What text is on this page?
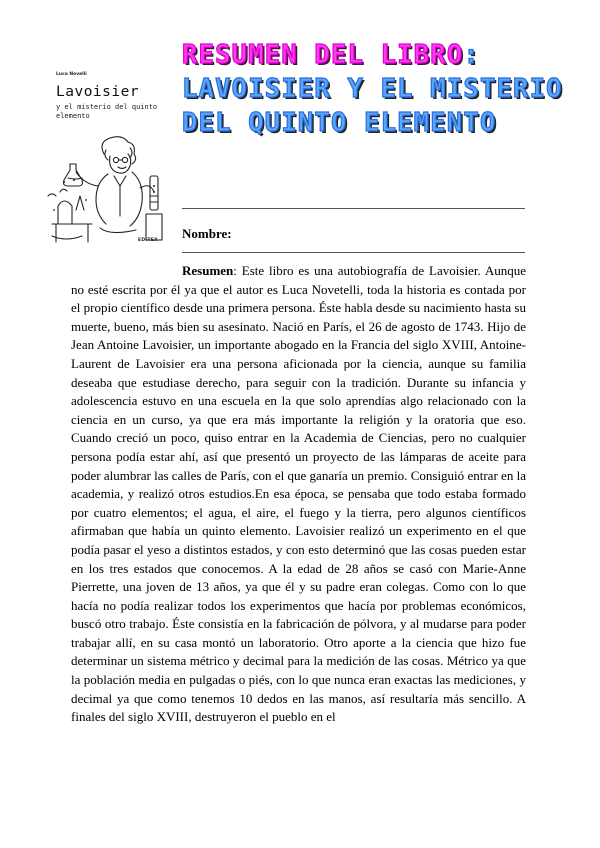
Luca Novelli
Lavoisier
y el misterio del quinto elemento
EDITEX
RESUMEN DEL LIBRO: LAVOISIER Y EL MISTERIO DEL QUINTO ELEMENTO
Nombre:

Resumen: Este libro es una autobiografía de Lavoisier. Aunque no esté escrita por él ya que el autor es Luca Novetelli, toda la historia es contada por el propio científico desde una primera persona. Éste habla desde su nacimiento hasta su muerte, bueno, más bien su asesinato. Nació en París, el 26 de agosto de 1743. Hijo de Jean Antoine Lavoisier, un importante abogado en la Francia del siglo XVIII, Antoine-Laurent de Lavoisier era una persona aficionada por la ciencia, aunque su familia deseaba que estudiase derecho, para seguir con la tradición. Durante su infancia y adolescencia estuvo en una escuela en la que solo aprendías algo relacionado con la ciencia en un curso, ya que era más importante la religión y la oratoria que eso. Cuando creció un poco, quiso entrar en la Academia de Ciencias, pero no cualquier persona podía estar ahí, así que presentó un proyecto de las lámparas de aceite para poder alumbrar las calles de París, con el que ganaría un premio. Consiguió entrar en la academia, y realizó otros estudios.En esa época, se pensaba que todo estaba formado por cuatro elementos; el agua, el aire, el fuego y la tierra, pero algunos científicos afirmaban que había un quinto elemento. Lavoisier realizó un experimento en el que podía pasar el yeso a distintos estados, y con esto determinó que las cosas pueden estar en los tres estados que conocemos. A la edad de 28 años se casó con Marie-Anne Pierrette, una joven de 13 años, ya que él y su padre eran colegas. Como con lo que hacía no podía realizar todos los experimentos que hacía por problemas económicos, buscó otro trabajo. Éste consistía en la fabricación de pólvora, y al mudarse para poder trabajar allí, en su casa montó un laboratorio. Otro aporte a la ciencia que hizo fue determinar un sistema métrico y decimal para la medición de las cosas. Métrico ya que la población media en pulgadas o piés, con lo que nunca eran exactas las mediciones, y decimal ya que como tenemos 10 dedos en las manos, así resultaría más sencillo. A finales del siglo XVIII, destruyeron el pueblo en el
